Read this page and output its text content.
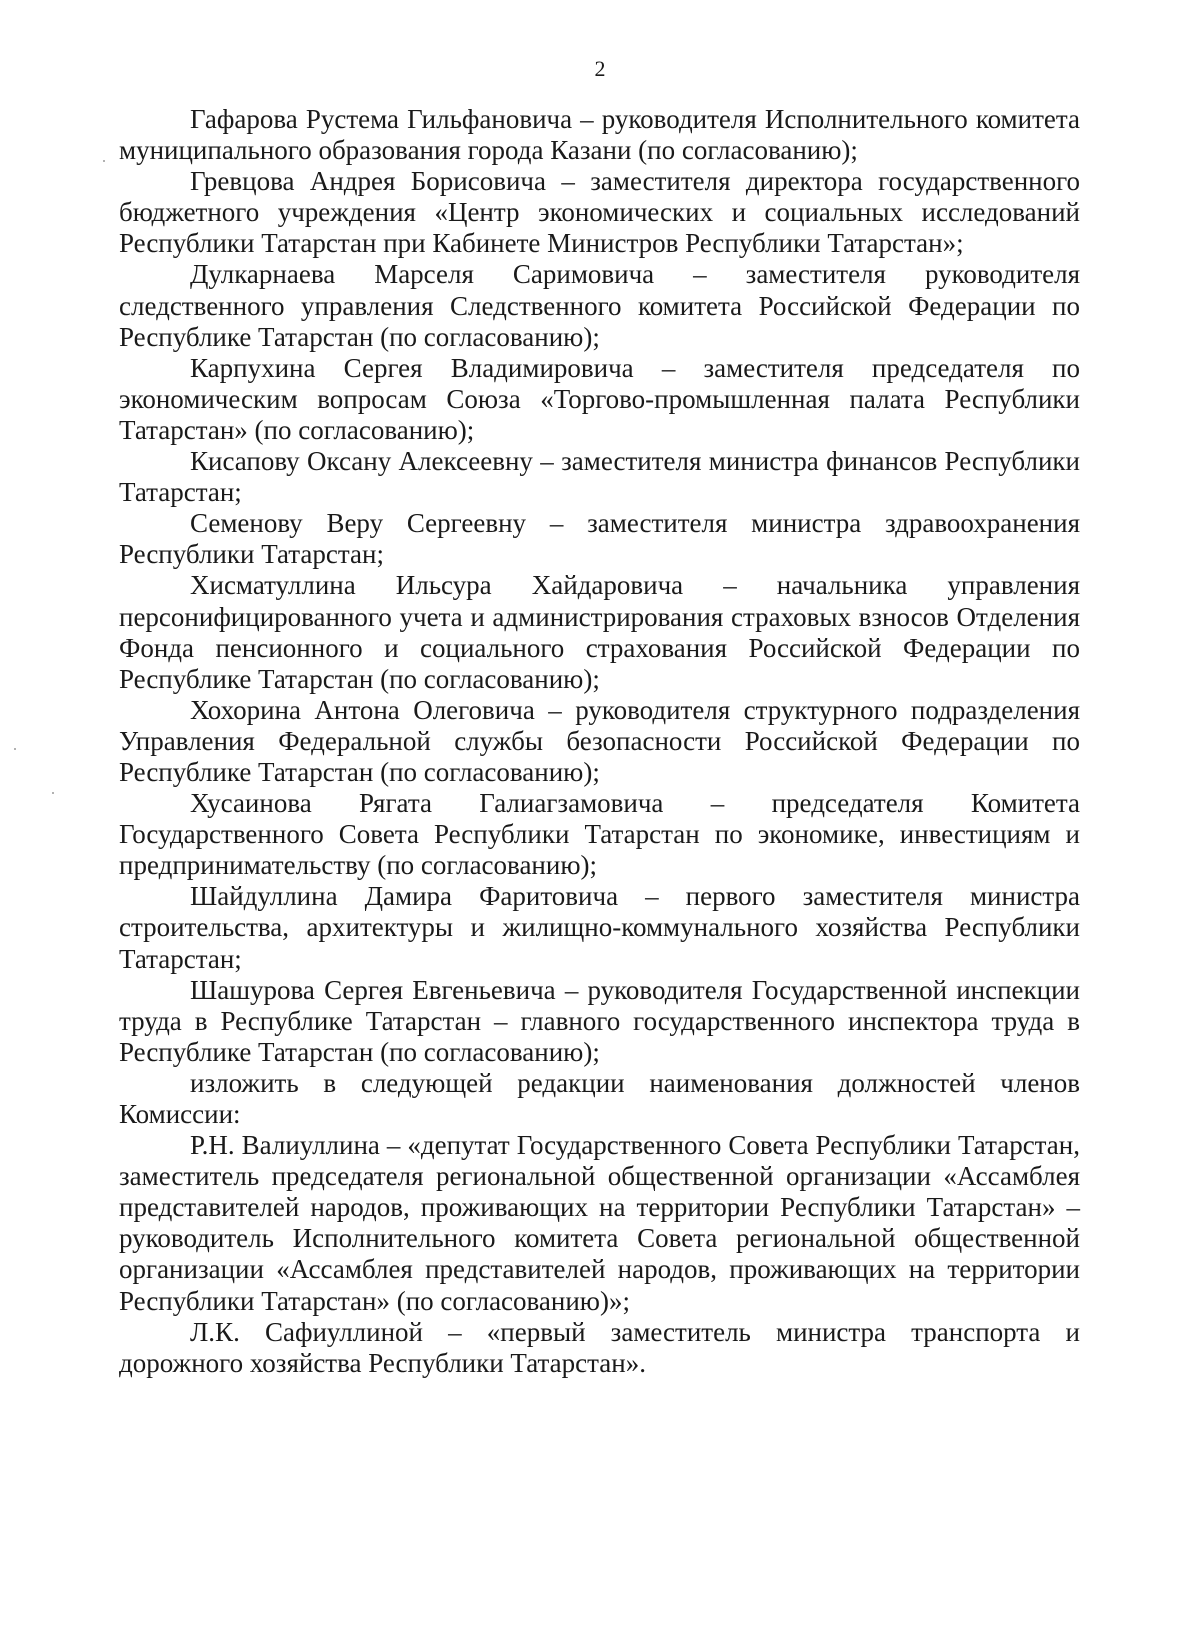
2

Гафарова Рустема Гильфановича – руководителя Исполнительного комитета муниципального образования города Казани (по согласованию);

Гревцова Андрея Борисовича – заместителя директора государственного бюджетного учреждения «Центр экономических и социальных исследований Республики Татарстан при Кабинете Министров Республики Татарстан»;

Дулкарнаева Марселя Саримовича – заместителя руководителя следственного управления Следственного комитета Российской Федерации по Республике Татарстан (по согласованию);

Карпухина Сергея Владимировича – заместителя председателя по экономическим вопросам Союза «Торгово-промышленная палата Республики Татарстан» (по согласованию);

Кисапову Оксану Алексеевну – заместителя министра финансов Республики Татарстан;

Семенову Веру Сергеевну – заместителя министра здравоохранения Республики Татарстан;

Хисматуллина Ильсура Хайдаровича – начальника управления персонифицированного учета и администрирования страховых взносов Отделения Фонда пенсионного и социального страхования Российской Федерации по Республике Татарстан (по согласованию);

Хохорина Антона Олеговича – руководителя структурного подразделения Управления Федеральной службы безопасности Российской Федерации по Республике Татарстан (по согласованию);

Хусаинова Рягата Галиагзамовича – председателя Комитета Государственного Совета Республики Татарстан по экономике, инвестициям и предпринимательству (по согласованию);

Шайдуллина Дамира Фаритовича – первого заместителя министра строительства, архитектуры и жилищно-коммунального хозяйства Республики Татарстан;

Шашурова Сергея Евгеньевича – руководителя Государственной инспекции труда в Республике Татарстан – главного государственного инспектора труда в Республике Татарстан (по согласованию);

изложить в следующей редакции наименования должностей членов Комиссии:

Р.Н. Валиуллина – «депутат Государственного Совета Республики Татарстан, заместитель председателя региональной общественной организации «Ассамблея представителей народов, проживающих на территории Республики Татарстан» – руководитель Исполнительного комитета Совета региональной общественной организации «Ассамблея представителей народов, проживающих на территории Республики Татарстан» (по согласованию)»;

Л.К. Сафиуллиной – «первый заместитель министра транспорта и дорожного хозяйства Республики Татарстан».
